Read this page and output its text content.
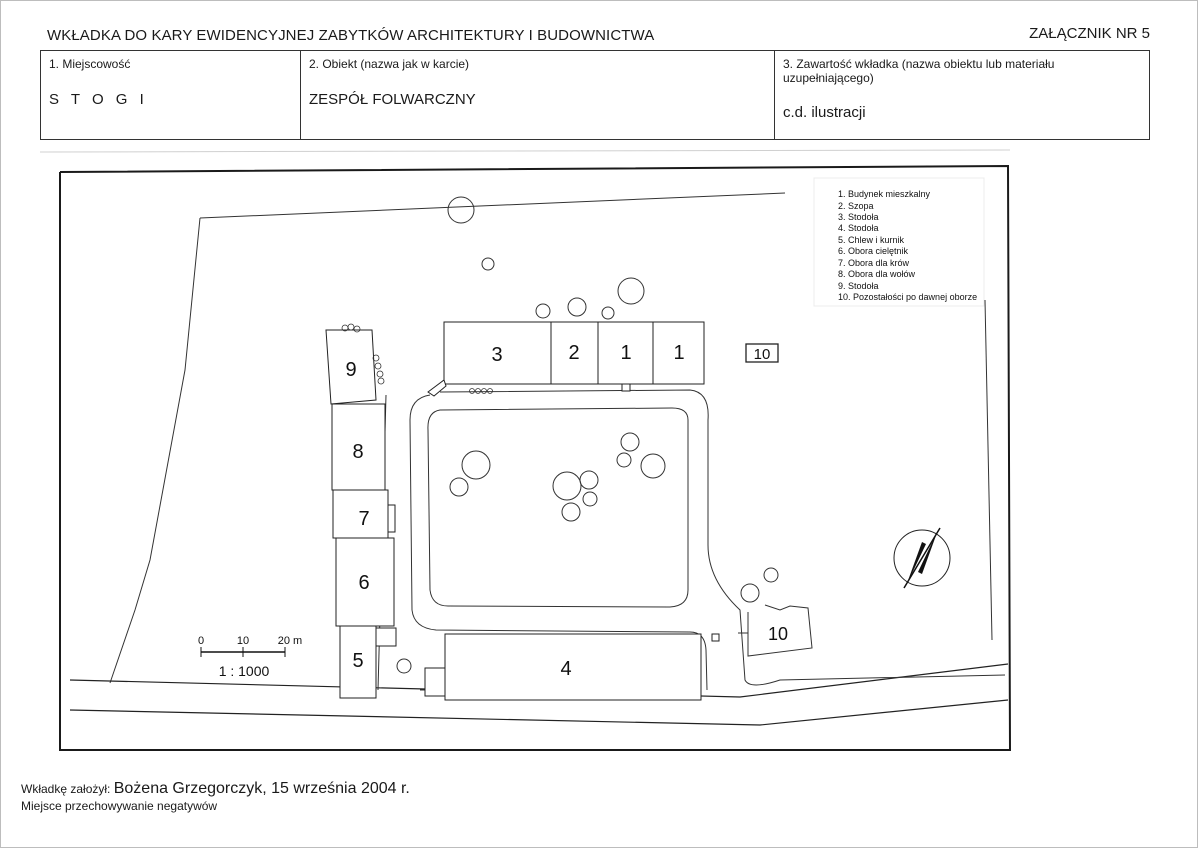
WKŁADKA DO KARY EWIDENCYJNEJ ZABYTKÓW ARCHITEKTURY I BUDOWNICTWA	ZAŁĄCZNIK NR 5
1. Miejscowość
S T O G I
2. Obiekt (nazwa jak w karcie)
ZESPÓŁ FOLWARCZNY
3. Zawartość wkładka (nazwa obiektu lub materiału uzupełniającego)
c.d. ilustracji
3	2 1 1	10
9
8
7
6
5	4
10
1. Budynek mieszkalny
2. Szopa
3. Stodoła
4. Stodoła
5. Chlew i kurnik
6. Obora cielętnik
7. Obora dla krów
8. Obora dla wołów
9. Stodoła
10. Pozostałości po dawnej oborze
0	10	20 m
1 : 1000
Wkładkę założył: Bożena Grzegorczyk, 15 września 2004 r.
Miejsce przechowywanie negatywów
